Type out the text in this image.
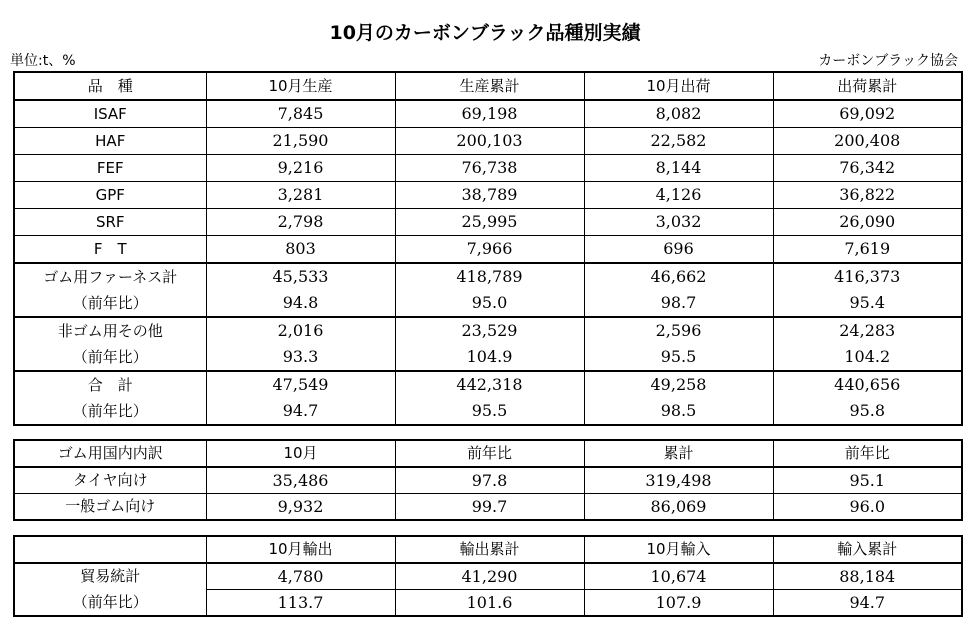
10月のカーボンブラック品種別実績
単位:t、%	カーボンブラック協会
品　種	10月生産	生産累計	10月出荷	出荷累計
ISAF	7,845	69,198	8,082	69,092
HAF	21,590	200,103	22,582	200,408
FEF	9,216	76,738	8,144	76,342
GPF	3,281	38,789	4,126	36,822
SRF	2,798	25,995	3,032	26,090
F　T	803	7,966	696	7,619
ゴム用ファーネス計	45,533	418,789	46,662	416,373
（前年比）	94.8	95.0	98.7	95.4
非ゴム用その他	2,016	23,529	2,596	24,283
（前年比）	93.3	104.9	95.5	104.2
合　計	47,549	442,318	49,258	440,656
（前年比）	94.7	95.5	98.5	95.8
ゴム用国内内訳	10月	前年比	累計	前年比
タイヤ向け	35,486	97.8	319,498	95.1
一般ゴム向け	9,932	99.7	86,069	96.0
	10月輸出	輸出累計	10月輸入	輸入累計
貿易統計	4,780	41,290	10,674	88,184
（前年比）	113.7	101.6	107.9	94.7
